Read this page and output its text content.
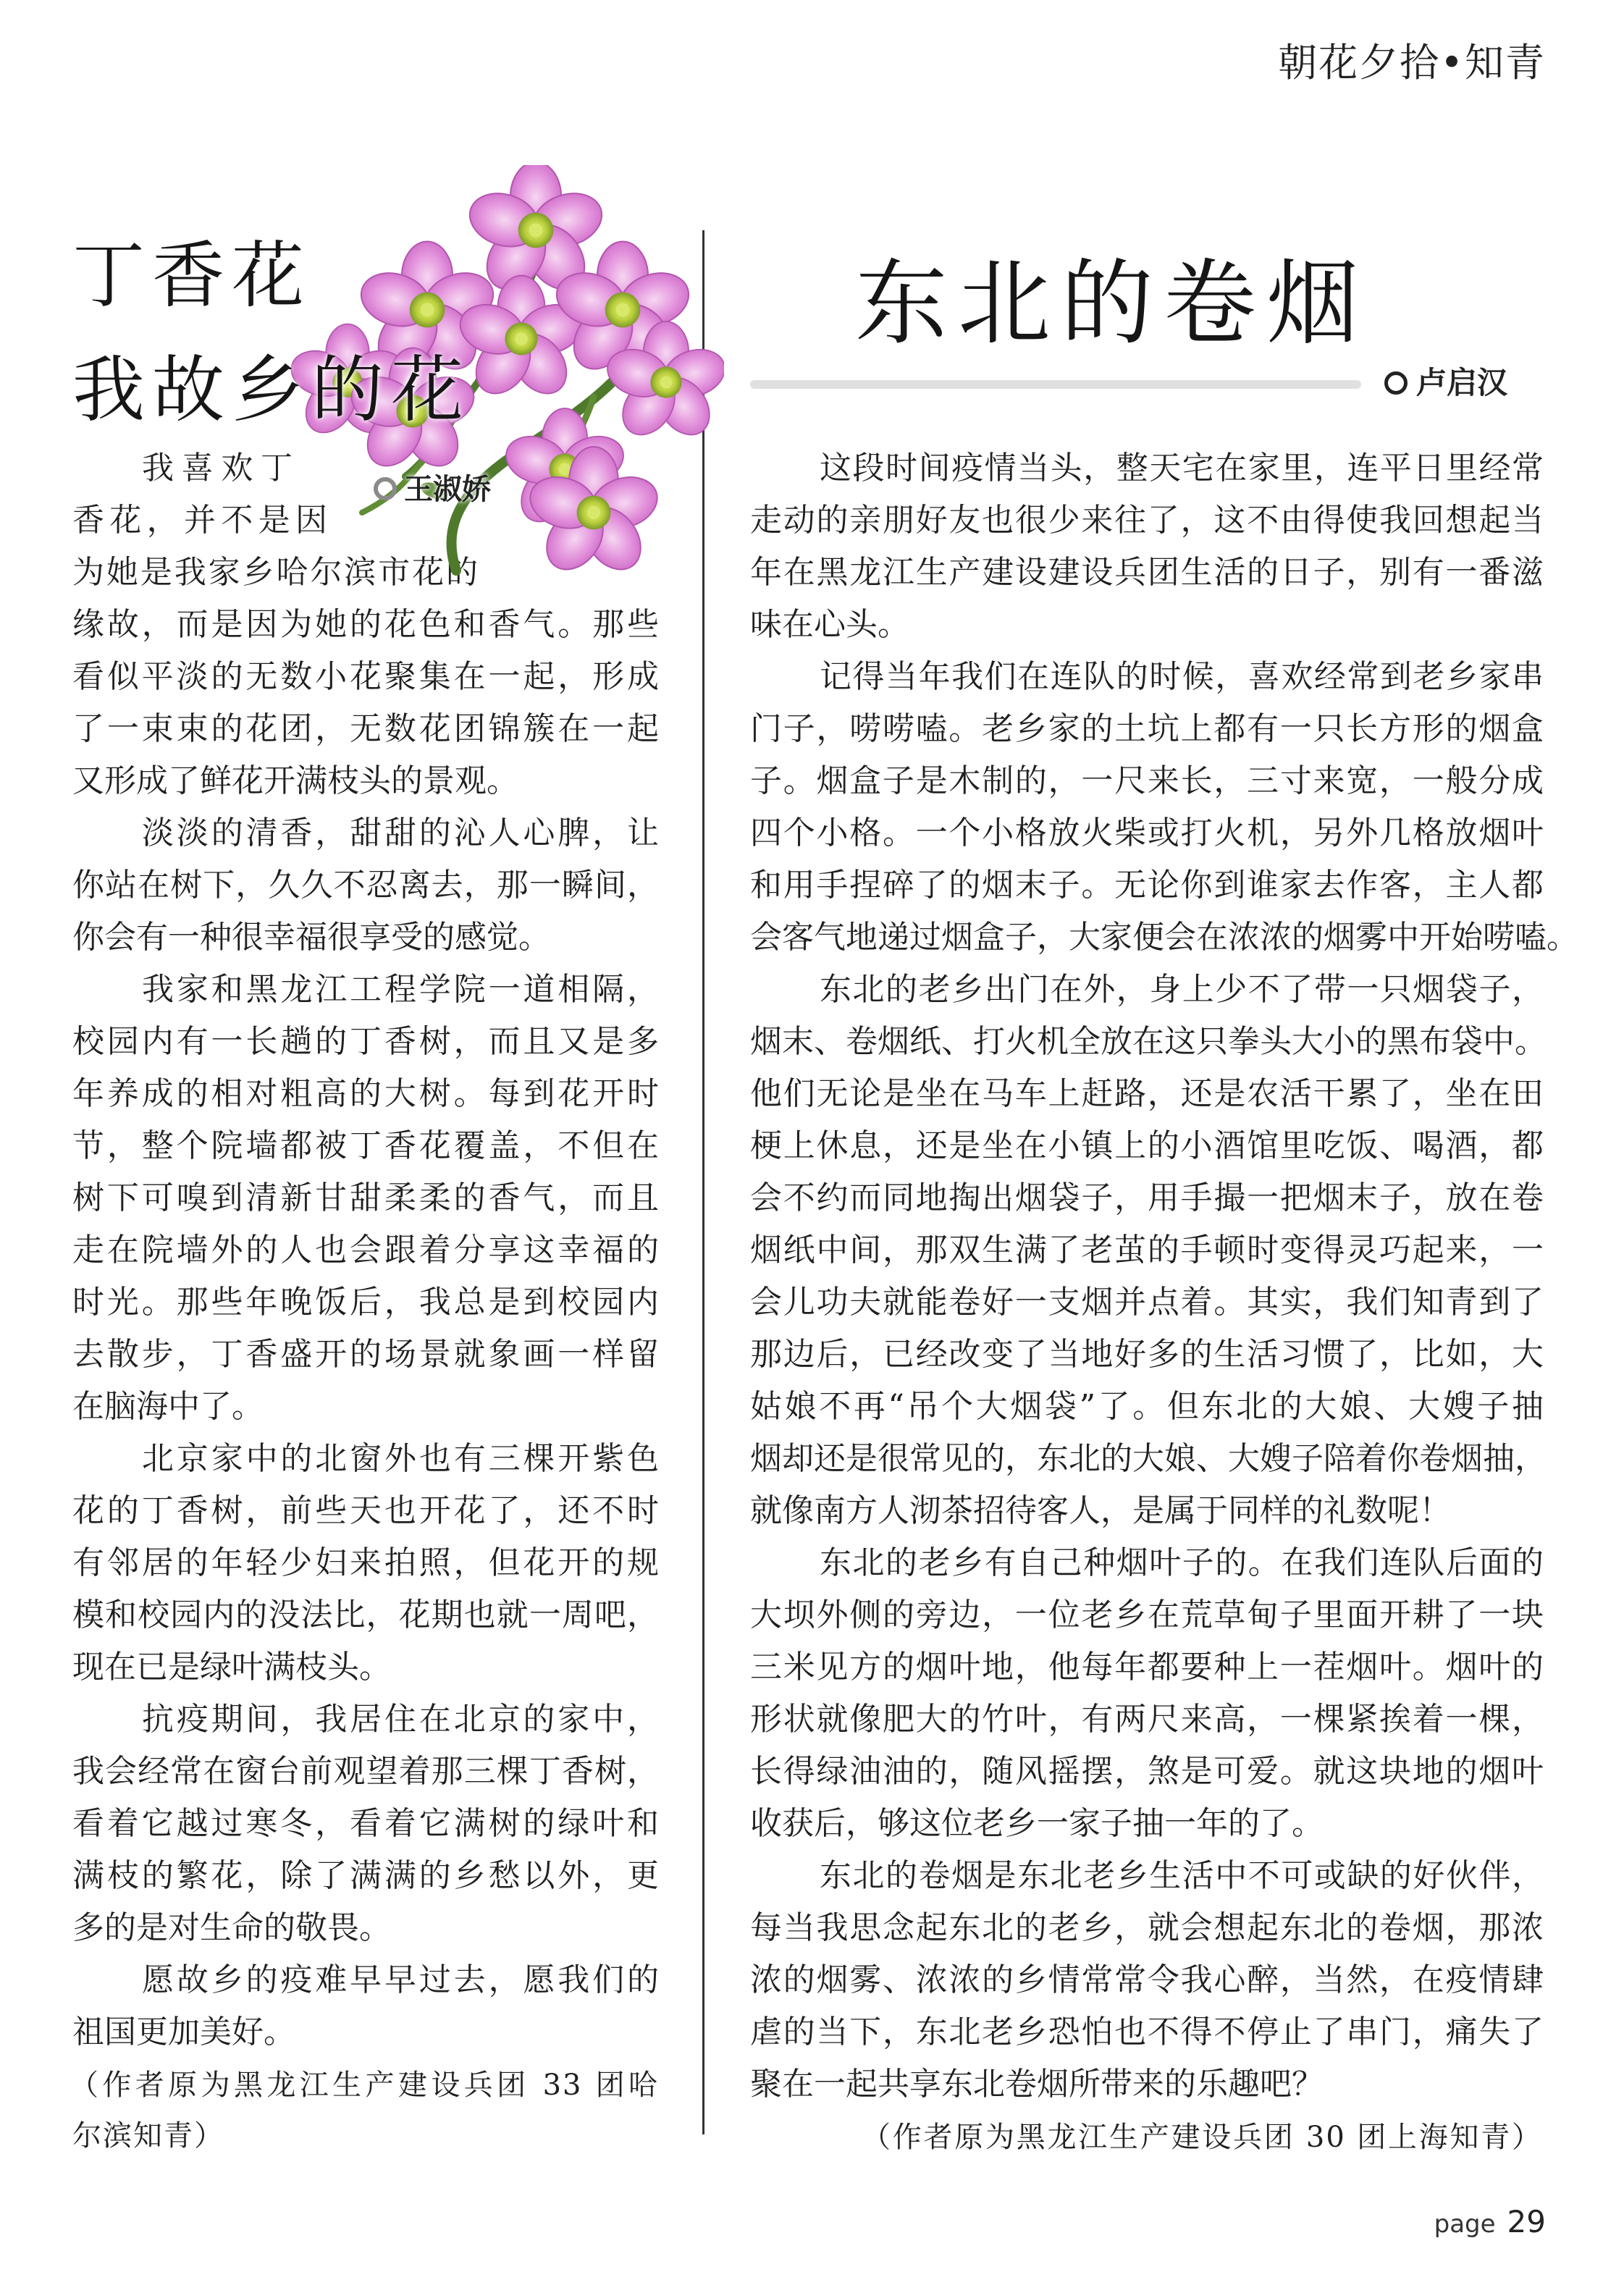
朝花夕拾•知青
丁香花
我故乡的花
王淑娇
我喜欢丁
香花，并不是因
为她是我家乡哈尔滨市花的
缘故，而是因为她的花色和香气。那些
看似平淡的无数小花聚集在一起，形成
了一束束的花团，无数花团锦簇在一起
又形成了鲜花开满枝头的景观。
淡淡的清香，甜甜的沁人心脾，让
你站在树下，久久不忍离去，那一瞬间，
你会有一种很幸福很享受的感觉。
我家和黑龙江工程学院一道相隔，
校园内有一长趟的丁香树，而且又是多
年养成的相对粗高的大树。每到花开时
节，整个院墙都被丁香花覆盖，不但在
树下可嗅到清新甘甜柔柔的香气，而且
走在院墙外的人也会跟着分享这幸福的
时光。那些年晚饭后，我总是到校园内
去散步，丁香盛开的场景就象画一样留
在脑海中了。
北京家中的北窗外也有三棵开紫色
花的丁香树，前些天也开花了，还不时
有邻居的年轻少妇来拍照，但花开的规
模和校园内的没法比，花期也就一周吧，
现在已是绿叶满枝头。
抗疫期间，我居住在北京的家中，
我会经常在窗台前观望着那三棵丁香树，
看着它越过寒冬，看着它满树的绿叶和
满枝的繁花，除了满满的乡愁以外，更
多的是对生命的敬畏。
愿故乡的疫难早早过去，愿我们的
祖国更加美好。
（作者原为黑龙江生产建设兵团 33 团哈
尔滨知青）
东北的卷烟
卢启汉
这段时间疫情当头，整天宅在家里，连平日里经常
走动的亲朋好友也很少来往了，这不由得使我回想起当
年在黑龙江生产建设建设兵团生活的日子，别有一番滋
味在心头。
记得当年我们在连队的时候，喜欢经常到老乡家串
门子，唠唠嗑。老乡家的土坑上都有一只长方形的烟盒
子。烟盒子是木制的，一尺来长，三寸来宽，一般分成
四个小格。一个小格放火柴或打火机，另外几格放烟叶
和用手捏碎了的烟末子。无论你到谁家去作客，主人都
会客气地递过烟盒子，大家便会在浓浓的烟雾中开始唠嗑。
东北的老乡出门在外，身上少不了带一只烟袋子，
烟末、卷烟纸、打火机全放在这只拳头大小的黑布袋中。
他们无论是坐在马车上赶路，还是农活干累了，坐在田
梗上休息，还是坐在小镇上的小酒馆里吃饭、喝酒，都
会不约而同地掏出烟袋子，用手撮一把烟末子，放在卷
烟纸中间，那双生满了老茧的手顿时变得灵巧起来，一
会儿功夫就能卷好一支烟并点着。其实，我们知青到了
那边后，已经改变了当地好多的生活习惯了，比如，大
姑娘不再“吊个大烟袋”了。但东北的大娘、大嫂子抽
烟却还是很常见的，东北的大娘、大嫂子陪着你卷烟抽，
就像南方人沏茶招待客人，是属于同样的礼数呢！
东北的老乡有自己种烟叶子的。在我们连队后面的
大坝外侧的旁边，一位老乡在荒草甸子里面开耕了一块
三米见方的烟叶地，他每年都要种上一茬烟叶。烟叶的
形状就像肥大的竹叶，有两尺来高，一棵紧挨着一棵，
长得绿油油的，随风摇摆，煞是可爱。就这块地的烟叶
收获后，够这位老乡一家子抽一年的了。
东北的卷烟是东北老乡生活中不可或缺的好伙伴，
每当我思念起东北的老乡，就会想起东北的卷烟，那浓
浓的烟雾、浓浓的乡情常常令我心醉，当然，在疫情肆
虐的当下，东北老乡恐怕也不得不停止了串门，痛失了
聚在一起共享东北卷烟所带来的乐趣吧？
（作者原为黑龙江生产建设兵团 30 团上海知青）
page 29
